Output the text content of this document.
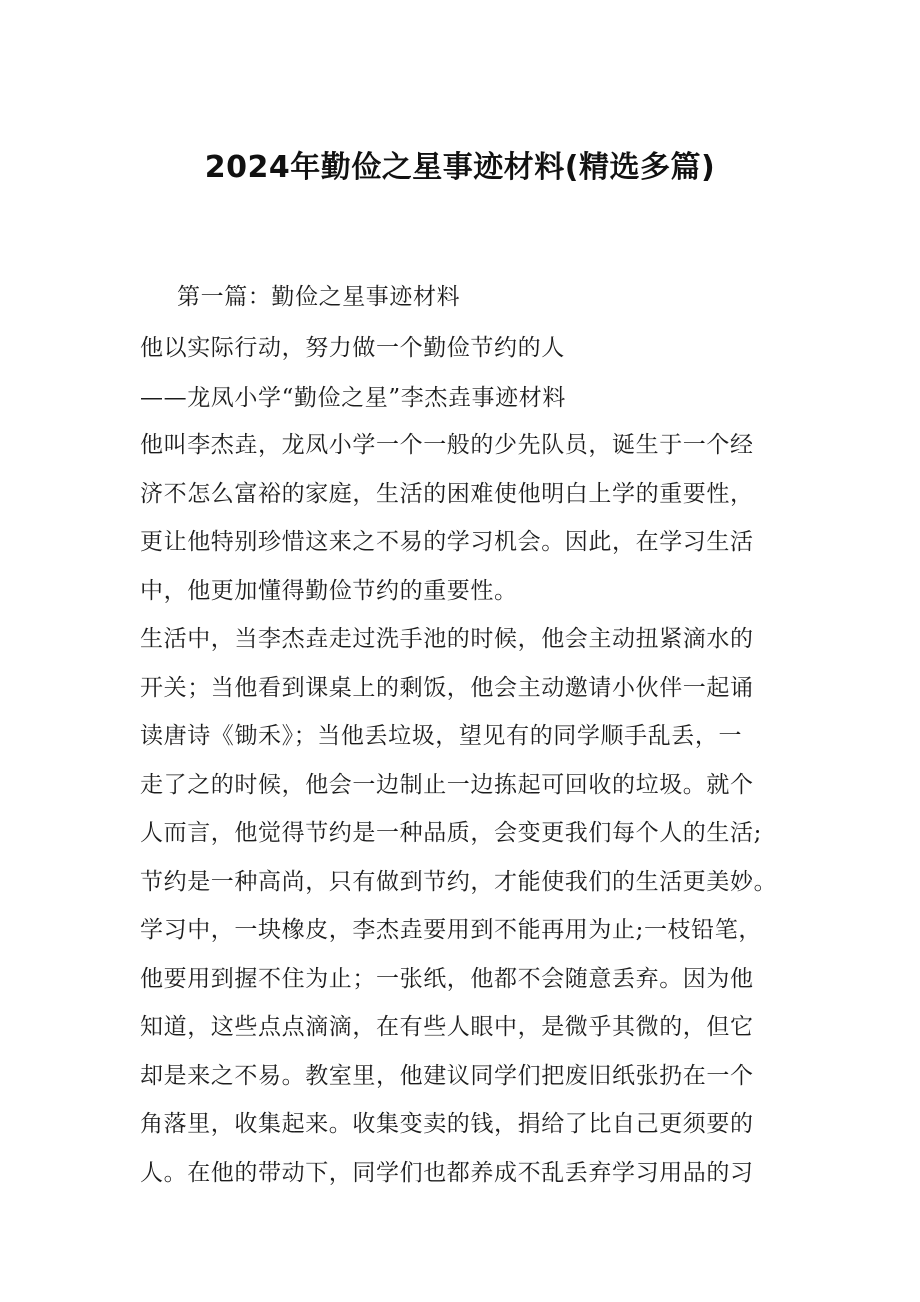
2024年勤俭之星事迹材料(精选多篇)
第一篇：勤俭之星事迹材料
他以实际行动，努力做一个勤俭节约的人
——龙凤小学“勤俭之星”李杰垚事迹材料
他叫李杰垚，龙凤小学一个一般的少先队员，诞生于一个经
济不怎么富裕的家庭，生活的困难使他明白上学的重要性，
更让他特别珍惜这来之不易的学习机会。因此，在学习生活
中，他更加懂得勤俭节约的重要性。
生活中，当李杰垚走过洗手池的时候，他会主动扭紧滴水的
开关；当他看到课桌上的剩饭，他会主动邀请小伙伴一起诵
读唐诗《锄禾》；当他丢垃圾，望见有的同学顺手乱丢，一
走了之的时候，他会一边制止一边拣起可回收的垃圾。就个
人而言，他觉得节约是一种品质，会变更我们每个人的生活;
节约是一种高尚，只有做到节约，才能使我们的生活更美妙。
学习中，一块橡皮，李杰垚要用到不能再用为止;一枝铅笔，
他要用到握不住为止；一张纸，他都不会随意丢弃。因为他
知道，这些点点滴滴，在有些人眼中，是微乎其微的，但它
却是来之不易。教室里，他建议同学们把废旧纸张扔在一个
角落里，收集起来。收集变卖的钱，捐给了比自己更须要的
人。在他的带动下，同学们也都养成不乱丢弃学习用品的习
